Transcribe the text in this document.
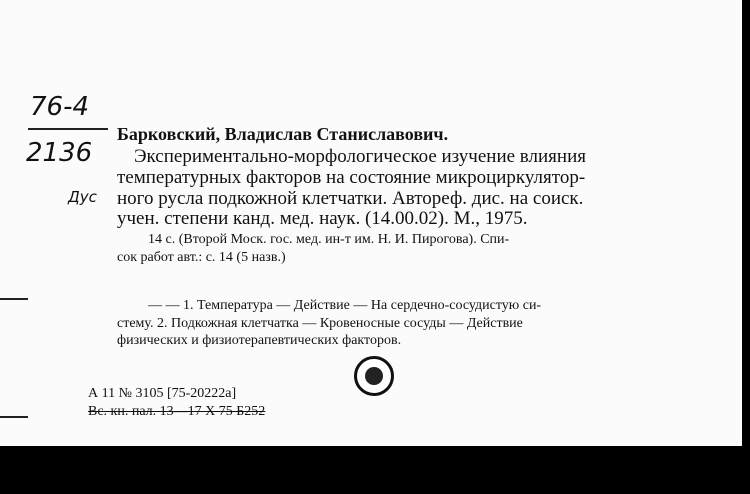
76-4
2136
Дус
Барковский, Владислав Станиславович.
Экспериментально-морфологическое изучение влияния
температурных факторов на состояние микроциркулятор-
ного русла подкожной клетчатки. Автореф. дис. на соиск.
учен. степени канд. мед. наук. (14.00.02). М., 1975.
14 с. (Второй Моск. гос. мед. ин-т им. Н. И. Пирогова). Спи-
сок работ авт.: с. 14 (5 назв.)
— — 1. Температура — Действие — На сердечно-сосудистую си-
стему. 2. Подкожная клетчатка — Кровеносные сосуды — Действие
физических и физиотерапевтических факторов.
А 11 № 3105 [75-20222а]
Вс. кн. пал. 13—17 Х 75 Б252
